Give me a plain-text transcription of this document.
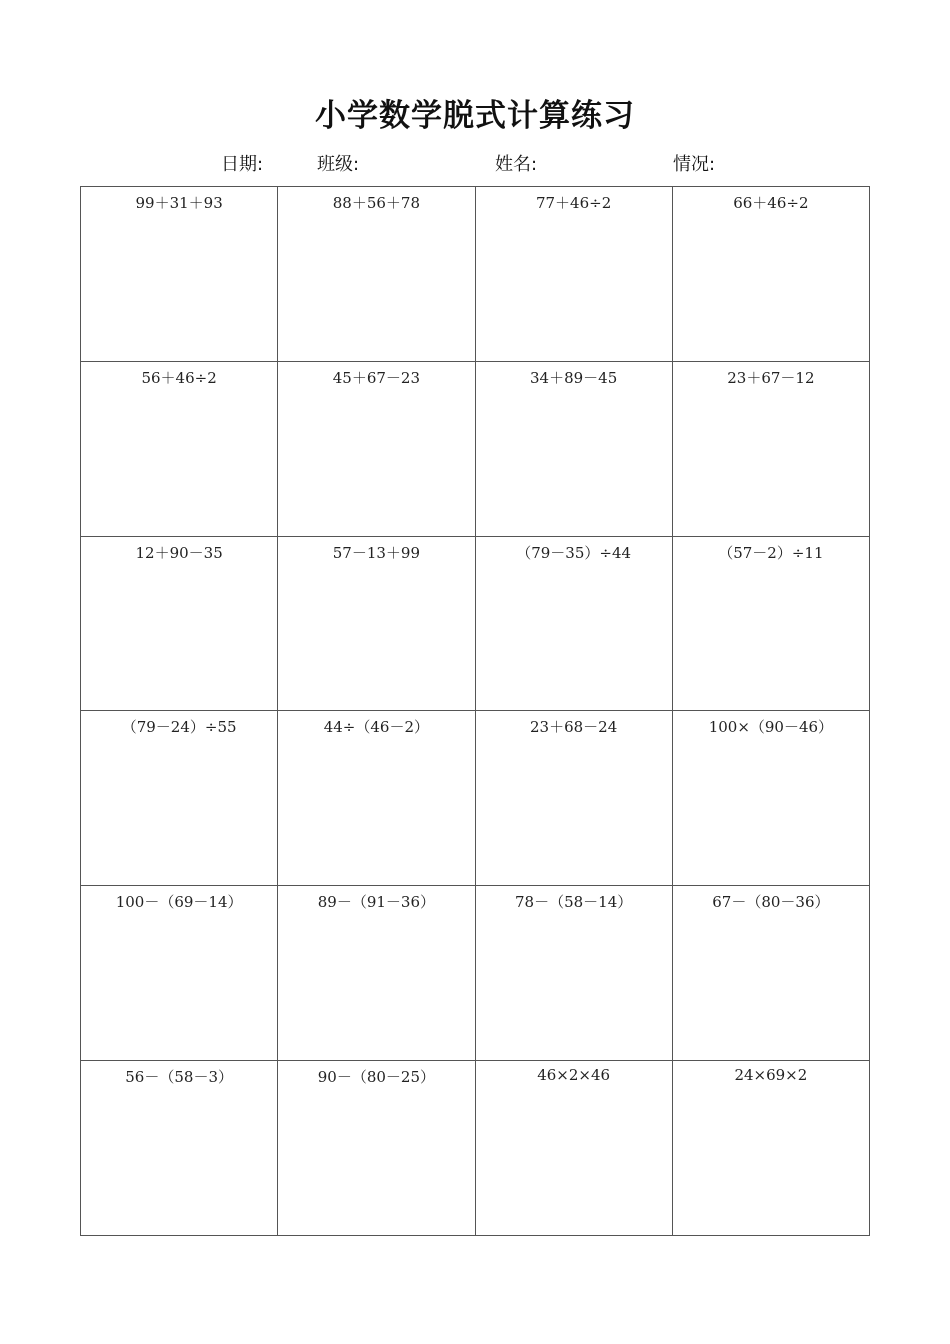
小学数学脱式计算练习
日期:	班级:	姓名:	情况:
99＋31＋93	88＋56＋78	77＋46÷2	66＋46÷2
56＋46÷2	45＋67－23	34＋89－45	23＋67－12
12＋90－35	57－13＋99	（79－35）÷44	（57－2）÷11
（79－24）÷55	44÷（46－2）	23＋68－24	100×（90－46）
100－（69－14）	89－（91－36）	78－（58－14）	67－（80－36）
56－（58－3）	90－（80－25）	46×2×46	24×69×2
